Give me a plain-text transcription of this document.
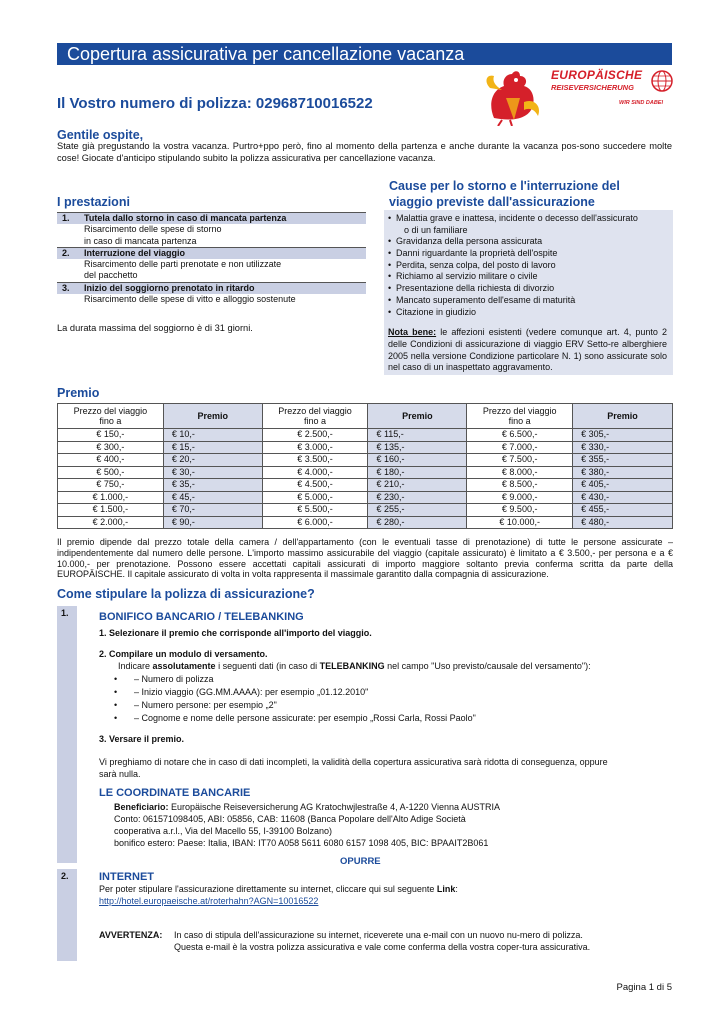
Copertura assicurativa per cancellazione vacanza
Il Vostro numero di polizza: 02968710016522
EUROPÄISCHE
REISEVERSICHERUNG
WIR SIND DABEI
Gentile ospite,
State già pregustando la vostra vacanza. Purtro+ppo però, fino al momento della partenza e anche durante la vacanza pos-sono succedere molte cose! Giocate d'anticipo stipulando subito la polizza assicurativa per cancellazione vacanza.
I prestazioni
1.	Tutela dallo storno in caso di mancata partenza
Risarcimento delle spese di storno
in caso di mancata partenza
2.	Interruzione del viaggio
Risarcimento delle parti prenotate e non utilizzate
del pacchetto
3.	Inizio del soggiorno prenotato in ritardo
Risarcimento delle spese di vitto e alloggio sostenute
La durata massima del soggiorno è di 31 giorni.
Cause per lo storno e l'interruzione del
viaggio previste dall'assicurazione
• Malattia grave e inattesa, incidente o decesso dell'assicurato
o di un familiare
• Gravidanza della persona assicurata
• Danni riguardante la proprietà dell'ospite
• Perdita, senza colpa, del posto di lavoro
• Richiamo al servizio militare o civile
• Presentazione della richiesta di divorzio
• Mancato superamento dell'esame di maturità
• Citazione in giudizio
Nota bene: le affezioni esistenti (vedere comunque art. 4, punto 2 delle Condizioni di assicurazione di viaggio ERV Setto-re alberghiere 2005 nella versione Condizione particolare N. 1) sono assicurate solo nel caso di un inaspettato aggravamento.
Premio
Prezzo del viaggio
fino a	Premio	Prezzo del viaggio
fino a	Premio	Prezzo del viaggio
fino a	Premio
€ 150,-	€ 10,-	€ 2.500,-	€ 115,-	€ 6.500,-	€ 305,-
€ 300,-	€ 15,-	€ 3.000,-	€ 135,-	€ 7.000,-	€ 330,-
€ 400,-	€ 20,-	€ 3.500,-	€ 160,-	€ 7.500,-	€ 355,-
€ 500,-	€ 30,-	€ 4.000,-	€ 180,-	€ 8.000,-	€ 380,-
€ 750,-	€ 35,-	€ 4.500,-	€ 210,-	€ 8.500,-	€ 405,-
€ 1.000,-	€ 45,-	€ 5.000,-	€ 230,-	€ 9.000,-	€ 430,-
€ 1.500,-	€ 70,-	€ 5.500,-	€ 255,-	€ 9.500,-	€ 455,-
€ 2.000,-	€ 90,-	€ 6.000,-	€ 280,-	€ 10.000,-	€ 480,-
Il premio dipende dal prezzo totale della camera / dell'appartamento (con le eventuali tasse di prenotazione) di tutte le persone assicurate – indipendentemente dal numero delle persone. L'importo massimo assicurabile del viaggio (capitale assicurato) è limitato a € 3.500,- per persona e a € 10.000,- per prenotazione. Possono essere accettati capitali assicurati di importo maggiore soltanto previa conferma scritta da parte della EUROPÄISCHE. Il capitale assicurato di volta in volta rappresenta il massimale garantito dalla compagnia di assicurazione.
Come stipulare la polizza di assicurazione?
1.
2.
BONIFICO BANCARIO / TELEBANKING
1. Selezionare il premio che corrisponde all'importo del viaggio.
2. Compilare un modulo di versamento.
Indicare assolutamente i seguenti dati (in caso di TELEBANKING nel campo "Uso previsto/causale del versamento"):
• – Numero di polizza
• – Inizio viaggio (GG.MM.AAAA): per esempio „01.12.2010"
• – Numero persone: per esempio „2"
• – Cognome e nome delle persone assicurate: per esempio „Rossi Carla, Rossi Paolo"
3. Versare il premio.
Vi preghiamo di notare che in caso di dati incompleti, la validità della copertura assicurativa sarà ridotta di conseguenza, oppure
sarà nulla.
LE COORDINATE BANCARIE
Beneficiario: Europäische Reiseversicherung AG Kratochwjlestraße 4, A-1220 Vienna AUSTRIA
Conto: 061571098405, ABI: 05856, CAB: 11608 (Banca Popolare dell'Alto Adige Società
cooperativa a.r.l., Via del Macello 55, I-39100 Bolzano)
bonifico estero: Paese: Italia, IBAN: IT70 A058 5611 6080 6157 1098 405, BIC: BPAAIT2B061
OPURRE
INTERNET
Per poter stipulare l'assicurazione direttamente su internet, cliccare qui sul seguente Link:
http://hotel.europaeische.at/roterhahn?AGN=10016522
AVVERTENZA: In caso di stipula dell'assicurazione su internet, riceverete una e-mail con un nuovo nu-mero di polizza.
Questa e-mail è la vostra polizza assicurativa e vale come conferma della vostra coper-tura assicurativa.
Pagina 1 di 5
